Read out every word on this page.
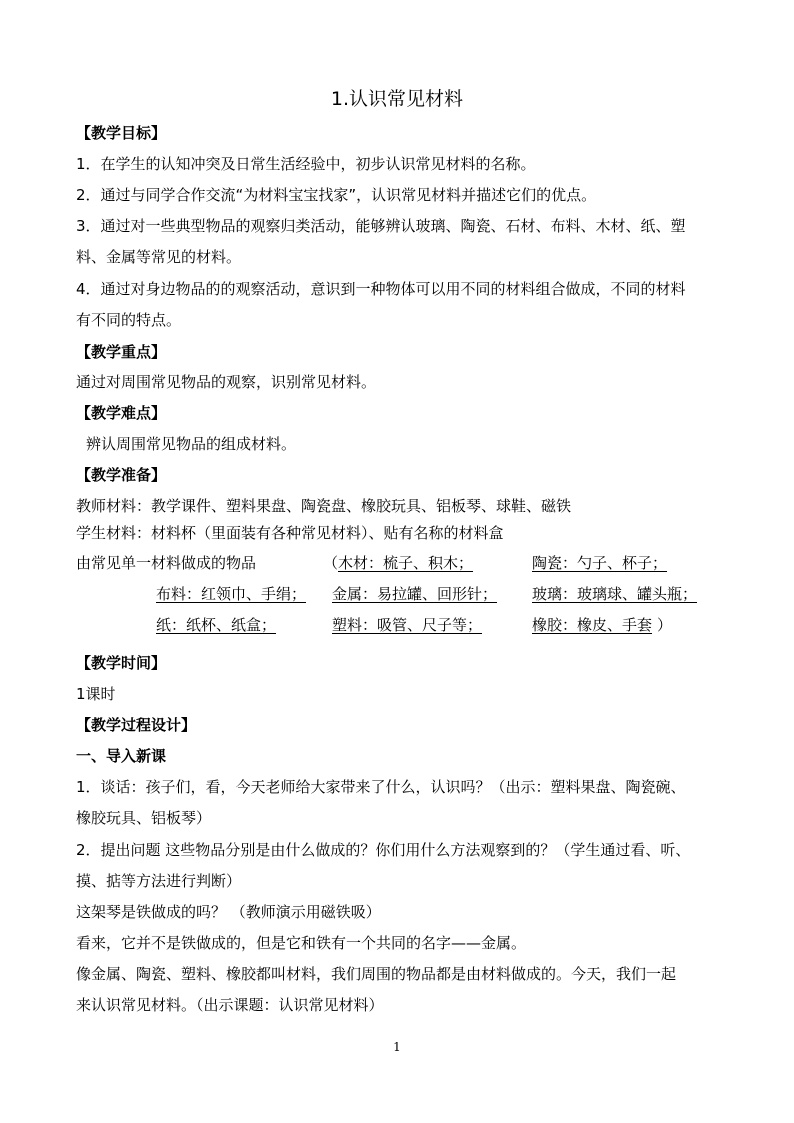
1.认识常见材料
【教学目标】
1．在学生的认知冲突及日常生活经验中，初步认识常见材料的名称。
2．通过与同学合作交流“为材料宝宝找家”，认识常见材料并描述它们的优点。
3．通过对一些典型物品的观察归类活动，能够辨认玻璃、陶瓷、石材、布料、木材、纸、塑
料、金属等常见的材料。
4．通过对身边物品的的观察活动，意识到一种物体可以用不同的材料组合做成，不同的材料
有不同的特点。
【教学重点】
通过对周围常见物品的观察，识别常见材料。
【教学难点】
辨认周围常见物品的组成材料。
【教学准备】
教师材料：教学课件、塑料果盘、陶瓷盘、橡胶玩具、铝板琴、球鞋、磁铁
学生材料：材料杯（里面装有各种常见材料）、贴有名称的材料盒
由常见单一材料做成的物品	（ 木材：梳子、积木；	陶瓷：勺子、杯子；
布料：红领巾、手绢； 金属：易拉罐、回形针； 玻璃：玻璃球、罐头瓶；
纸：纸杯、纸盒；	塑料：吸管、尺子等；	橡胶：橡皮、手套 ）
【教学时间】
1课时
【教学过程设计】
一、导入新课
1．谈话：孩子们，看，今天老师给大家带来了什么，认识吗？（出示：塑料果盘、陶瓷碗、
橡胶玩具、铝板琴）
2．提出问题 这些物品分别是由什么做成的？你们用什么方法观察到的？（学生通过看、听、
摸、掂等方法进行判断）
这架琴是铁做成的吗？ （教师演示用磁铁吸）
看来，它并不是铁做成的，但是它和铁有一个共同的名字——金属。
像金属、陶瓷、塑料、橡胶都叫材料，我们周围的物品都是由材料做成的。今天，我们一起
来认识常见材料。（出示课题：认识常见材料）
1
